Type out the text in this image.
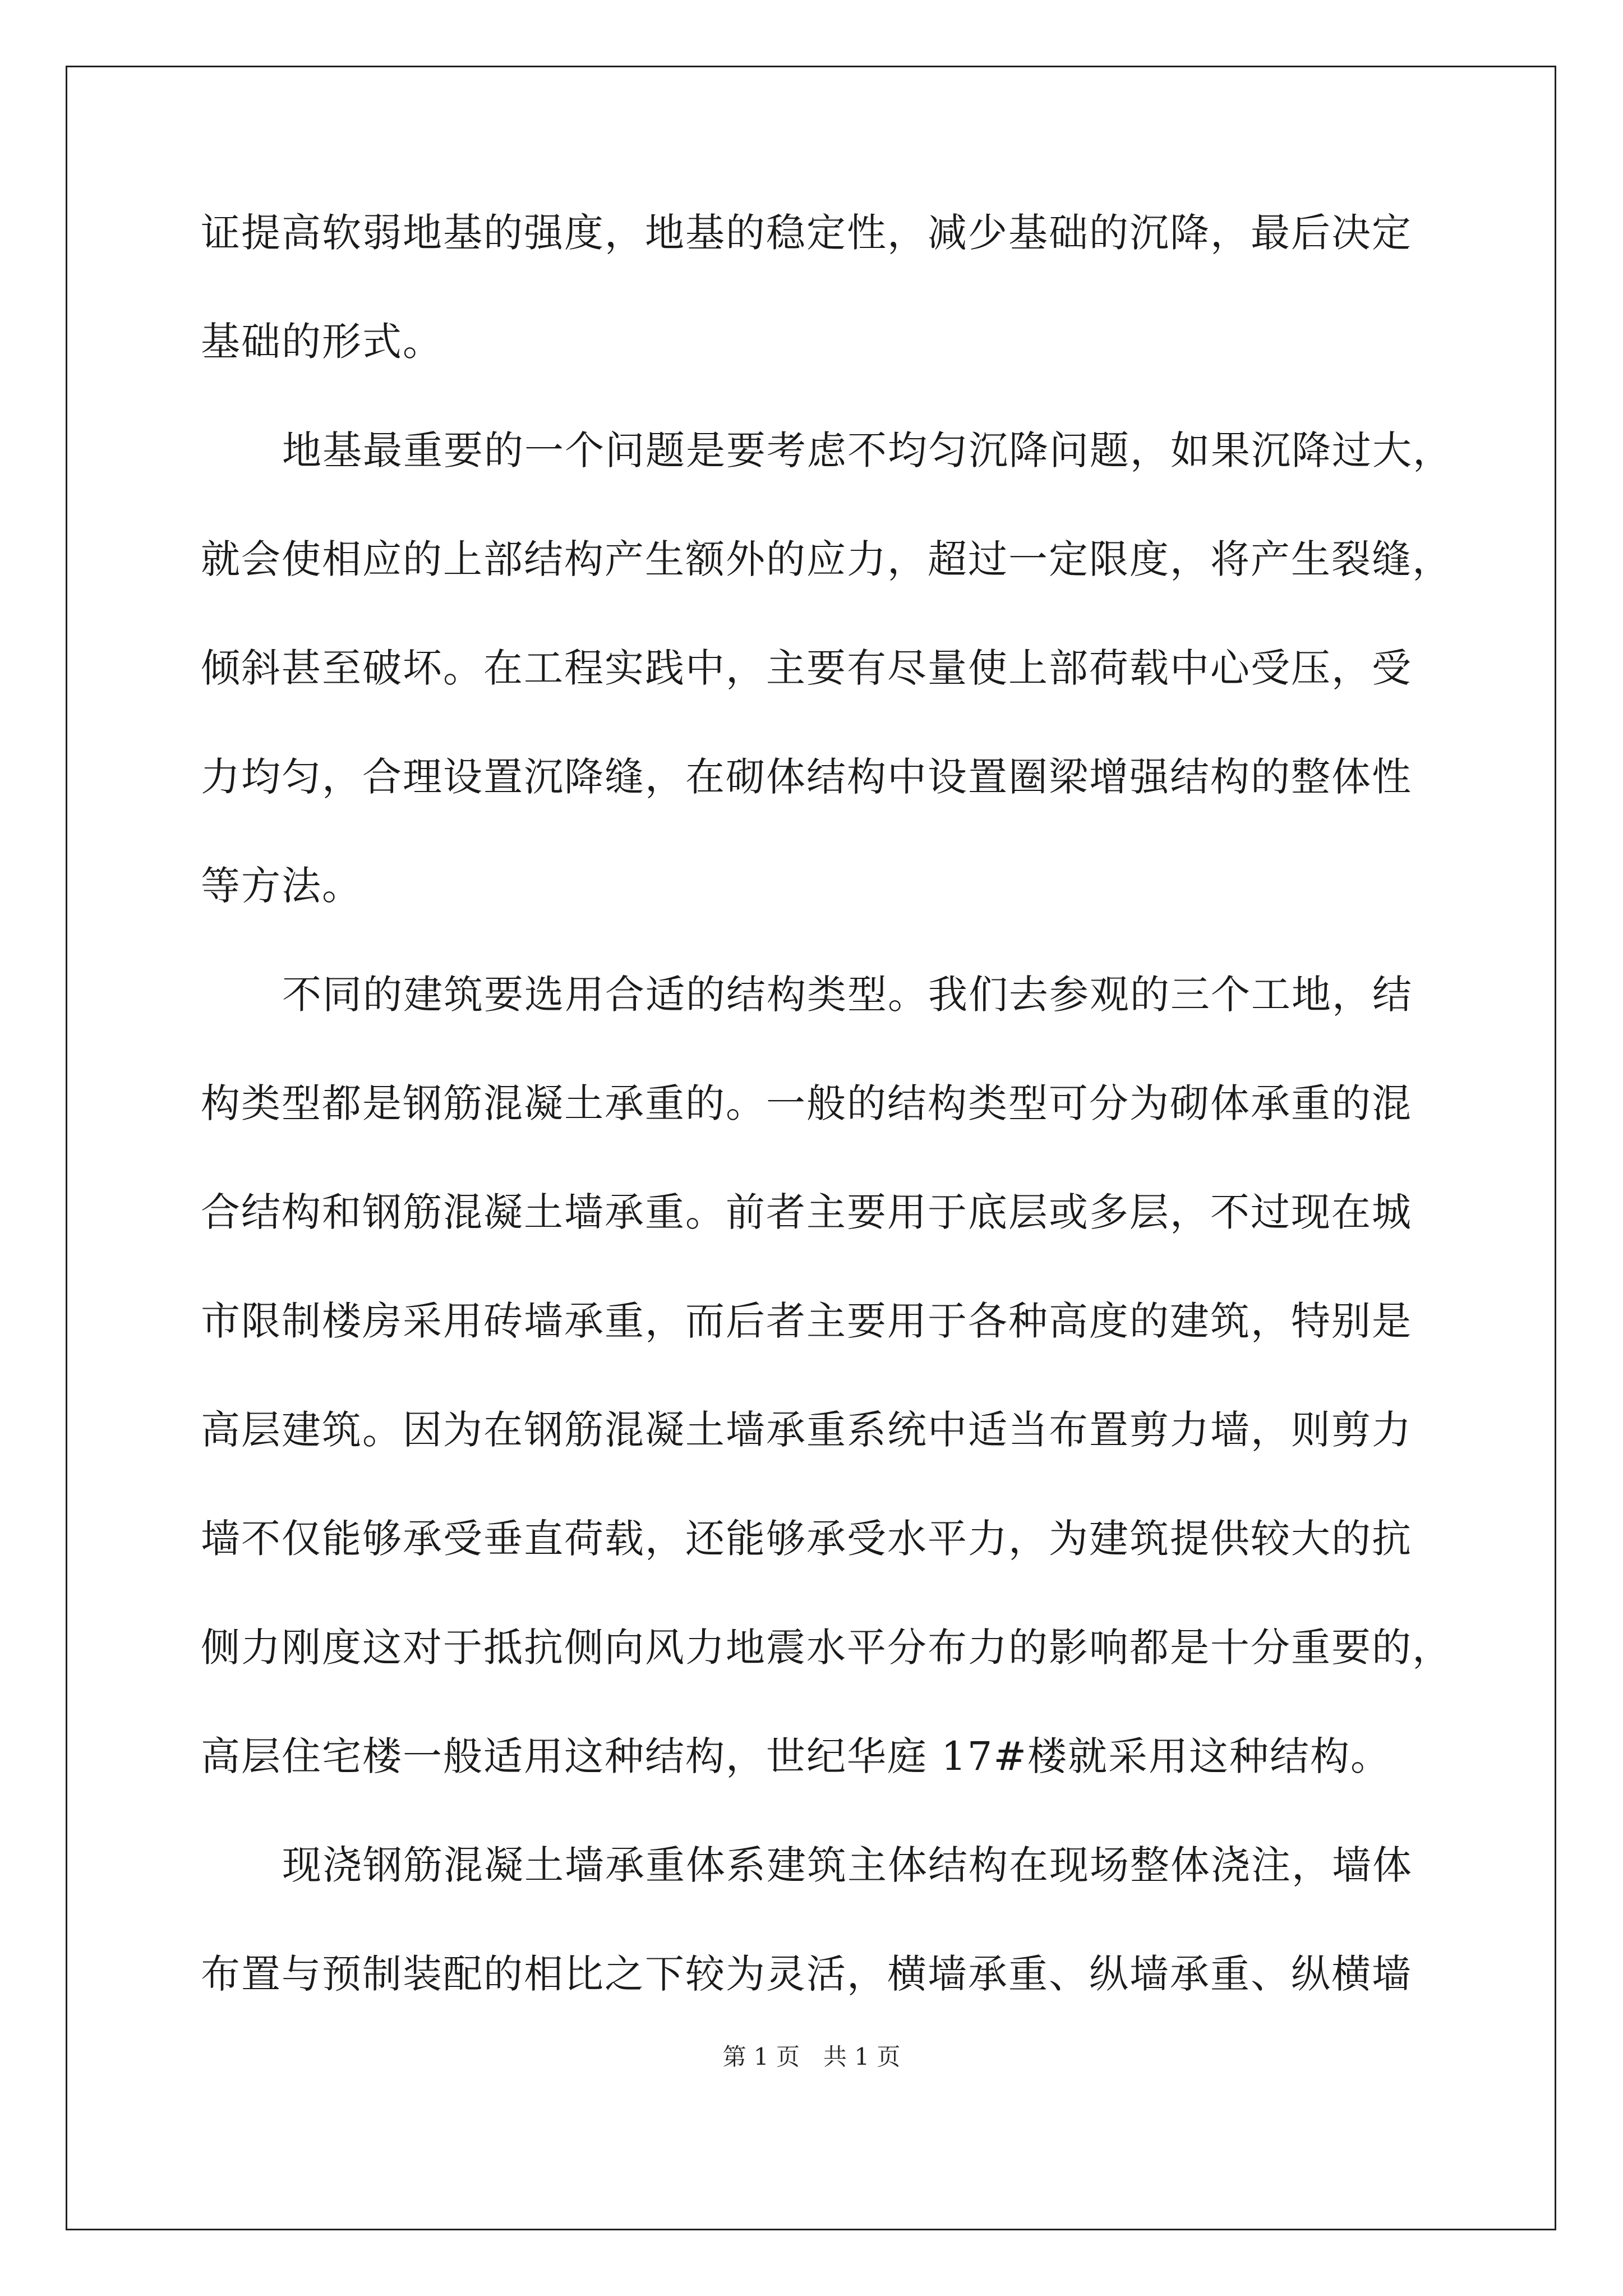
证提高软弱地基的强度，地基的稳定性，减少基础的沉降，最后决定
基础的形式。
地基最重要的一个问题是要考虑不均匀沉降问题，如果沉降过大，
就会使相应的上部结构产生额外的应力，超过一定限度，将产生裂缝，
倾斜甚至破坏。在工程实践中，主要有尽量使上部荷载中心受压，受
力均匀，合理设置沉降缝，在砌体结构中设置圈梁增强结构的整体性
等方法。
不同的建筑要选用合适的结构类型。我们去参观的三个工地，结
构类型都是钢筋混凝土承重的。一般的结构类型可分为砌体承重的混
合结构和钢筋混凝土墙承重。前者主要用于底层或多层，不过现在城
市限制楼房采用砖墙承重，而后者主要用于各种高度的建筑，特别是
高层建筑。因为在钢筋混凝土墙承重系统中适当布置剪力墙，则剪力
墙不仅能够承受垂直荷载，还能够承受水平力，为建筑提供较大的抗
侧力刚度这对于抵抗侧向风力地震水平分布力的影响都是十分重要的，
高层住宅楼一般适用这种结构，世纪华庭 17#楼就采用这种结构。
现浇钢筋混凝土墙承重体系建筑主体结构在现场整体浇注，墙体
布置与预制装配的相比之下较为灵活，横墙承重、纵墙承重、纵横墙
第 1 页　共 1 页
